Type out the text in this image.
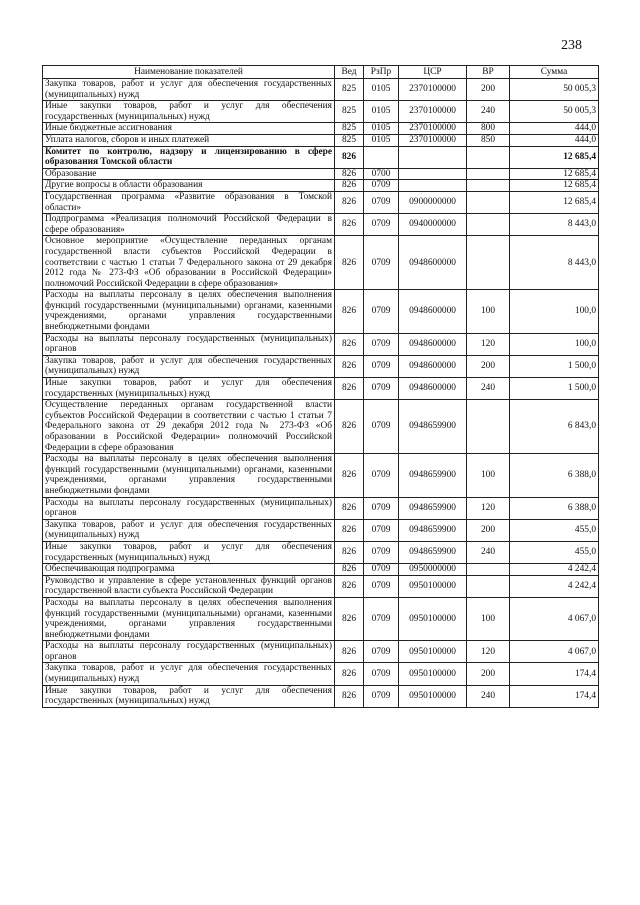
238
Наименование показателей	Вед	РзПр	ЦСР	ВР	Сумма
Закупка товаров, работ и услуг для обеспечения государственных (муниципальных) нужд	825	0105	2370100000	200	50 005,3
Иные закупки товаров, работ и услуг для обеспечения государственных (муниципальных) нужд	825	0105	2370100000	240	50 005,3
Иные бюджетные ассигнования	825	0105	2370100000	800	444,0
Уплата налогов, сборов и иных платежей	825	0105	2370100000	850	444,0
Комитет по контролю, надзору и лицензированию в сфере образования Томской области	826				12 685,4
Образование	826	0700			12 685,4
Другие вопросы в области образования	826	0709			12 685,4
Государственная программа «Развитие образования в Томской области»	826	0709	0900000000		12 685,4
Подпрограмма «Реализация полномочий Российской Федерации в сфере образования»	826	0709	0940000000		8 443,0
Основное мероприятие «Осуществление переданных органам государственной власти субъектов Российской Федерации в соответствии с частью 1 статьи 7 Федерального закона от 29 декабря 2012 года № 273-ФЗ «Об образовании в Российской Федерации» полномочий Российской Федерации в сфере образования»	826	0709	0948600000		8 443,0
Расходы на выплаты персоналу в целях обеспечения выполнения функций государственными (муниципальными) органами, казенными учреждениями, органами управления государственными внебюджетными фондами	826	0709	0948600000	100	100,0
Расходы на выплаты персоналу государственных (муниципальных) органов	826	0709	0948600000	120	100,0
Закупка товаров, работ и услуг для обеспечения государственных (муниципальных) нужд	826	0709	0948600000	200	1 500,0
Иные закупки товаров, работ и услуг для обеспечения государственных (муниципальных) нужд	826	0709	0948600000	240	1 500,0
Осуществление переданных органам государственной власти субъектов Российской Федерации в соответствии с частью 1 статьи 7 Федерального закона от 29 декабря 2012 года № 273-ФЗ «Об образовании в Российской Федерации» полномочий Российской Федерации в сфере образования	826	0709	0948659900		6 843,0
Расходы на выплаты персоналу в целях обеспечения выполнения функций государственными (муниципальными) органами, казенными учреждениями, органами управления государственными внебюджетными фондами	826	0709	0948659900	100	6 388,0
Расходы на выплаты персоналу государственных (муниципальных) органов	826	0709	0948659900	120	6 388,0
Закупка товаров, работ и услуг для обеспечения государственных (муниципальных) нужд	826	0709	0948659900	200	455,0
Иные закупки товаров, работ и услуг для обеспечения государственных (муниципальных) нужд	826	0709	0948659900	240	455,0
Обеспечивающая подпрограмма	826	0709	0950000000		4 242,4
Руководство и управление в сфере установленных функций органов государственной власти субъекта Российской Федерации	826	0709	0950100000		4 242,4
Расходы на выплаты персоналу в целях обеспечения выполнения функций государственными (муниципальными) органами, казенными учреждениями, органами управления государственными внебюджетными фондами	826	0709	0950100000	100	4 067,0
Расходы на выплаты персоналу государственных (муниципальных) органов	826	0709	0950100000	120	4 067,0
Закупка товаров, работ и услуг для обеспечения государственных (муниципальных) нужд	826	0709	0950100000	200	174,4
Иные закупки товаров, работ и услуг для обеспечения государственных (муниципальных) нужд	826	0709	0950100000	240	174,4
